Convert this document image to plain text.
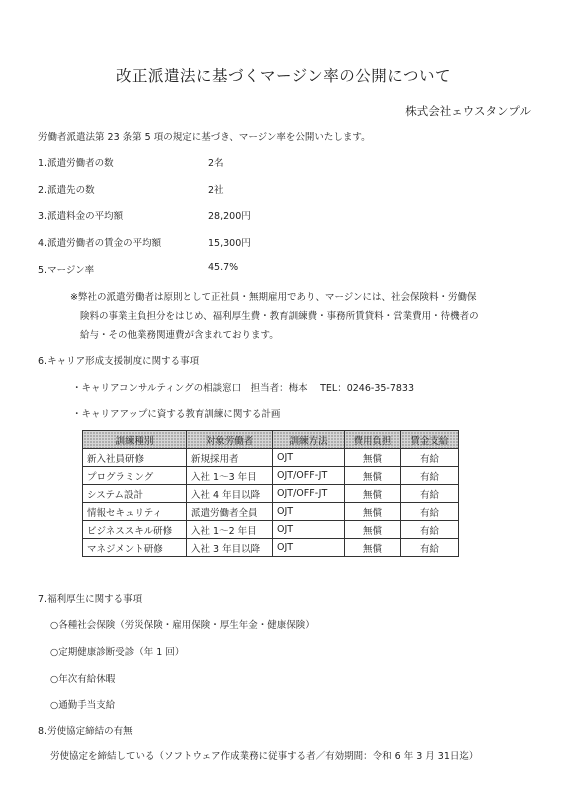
改正派遣法に基づくマージン率の公開について
株式会社ェウスタンプル
労働者派遣法第 23 条第 5 項の規定に基づき、マージン率を公開いたします。
1.派遣労働者の数	2名
2.派遣先の数	2社
3.派遣料金の平均額	28,200円
4.派遣労働者の賃金の平均額	15,300円
5.マージン率	45.7%
※弊社の派遣労働者は原則として正社員・無期雇用であり、マージンには、社会保険料・労働保
険料の事業主負担分をはじめ、福利厚生費・教育訓練費・事務所賃貸料・営業費用・待機者の
給与・その他業務関連費が含まれております。
6.キャリア形成支援制度に関する事項
・キャリアコンサルティングの相談窓口　担当者：梅本　 TEL：0246-35-7833
・キャリアアップに資する教育訓練に関する計画
訓練種別	対象労働者	訓練方法	費用負担	賃金支給
新入社員研修	新規採用者	OJT	無償	有給
プログラミング	入社 1～3 年目	OJT/OFF-JT	無償	有給
システム設計	入社 4 年目以降	OJT/OFF-JT	無償	有給
情報セキュリティ	派遣労働者全員	OJT	無償	有給
ビジネススキル研修	入社 1～2 年目	OJT	無償	有給
マネジメント研修	入社 3 年目以降	OJT	無償	有給
7.福利厚生に関する事項
○各種社会保険（労災保険・雇用保険・厚生年金・健康保険）
○定期健康診断受診（年 1 回）
○年次有給休暇
○通勤手当支給
8.労使協定締結の有無
労使協定を締結している（ソフトウェア作成業務に従事する者／有効期間：令和 6 年 3 月 31日迄）
